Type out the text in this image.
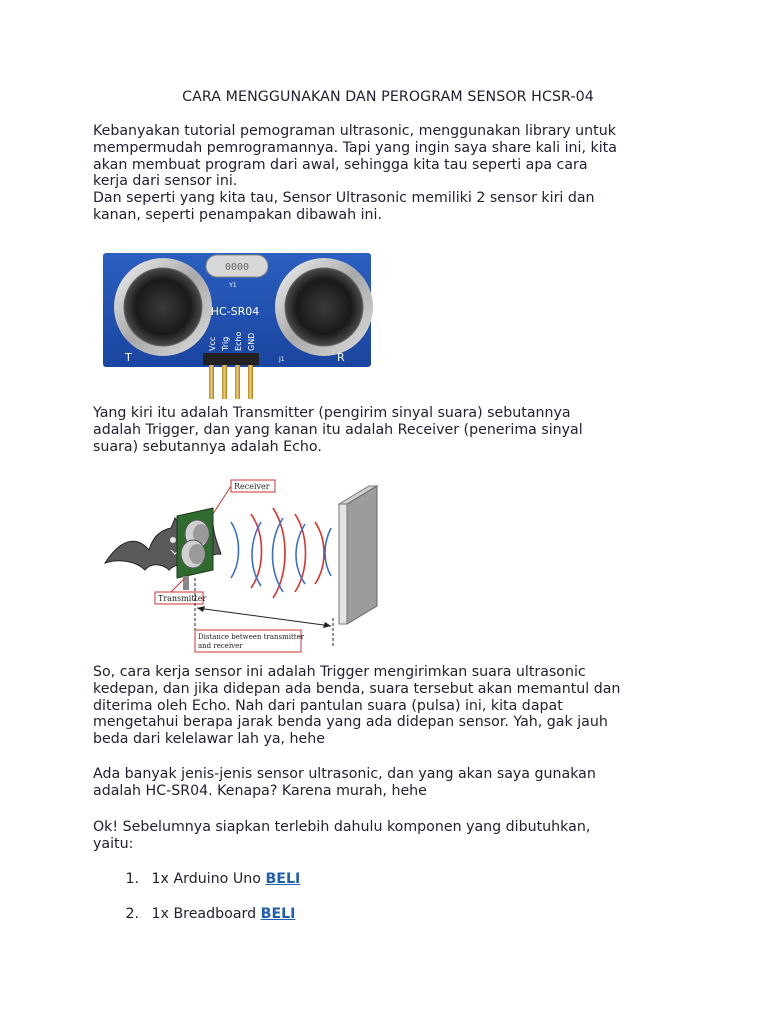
CARA MENGGUNAKAN DAN PEROGRAM SENSOR HCSR-04

Kebanyakan tutorial pemograman ultrasonic, menggunakan library untuk
mempermudah pemrogramannya. Tapi yang ingin saya share kali ini, kita
akan membuat program dari awal, sehingga kita tau seperti apa cara
kerja dari sensor ini.
Dan seperti yang kita tau, Sensor Ultrasonic memiliki 2 sensor kiri dan
kanan, seperti penampakan dibawah ini.

0000
Y1
HC-SR04
Vcc Trig Echo GND
T	R
J1

Yang kiri itu adalah Transmitter (pengirim sinyal suara) sebutannya
adalah Trigger, dan yang kanan itu adalah Receiver (penerima sinyal
suara) sebutannya adalah Echo.

Receiver
Transmitter
Distance between transmitter
and receiver

So, cara kerja sensor ini adalah Trigger mengirimkan suara ultrasonic
kedepan, dan jika didepan ada benda, suara tersebut akan memantul dan
diterima oleh Echo. Nah dari pantulan suara (pulsa) ini, kita dapat
mengetahui berapa jarak benda yang ada didepan sensor. Yah, gak jauh
beda dari kelelawar lah ya, hehe

Ada banyak jenis-jenis sensor ultrasonic, dan yang akan saya gunakan
adalah HC-SR04. Kenapa? Karena murah, hehe

Ok! Sebelumnya siapkan terlebih dahulu komponen yang dibutuhkan,
yaitu:

1. 1x Arduino Uno BELI
2. 1x Breadboard BELI
